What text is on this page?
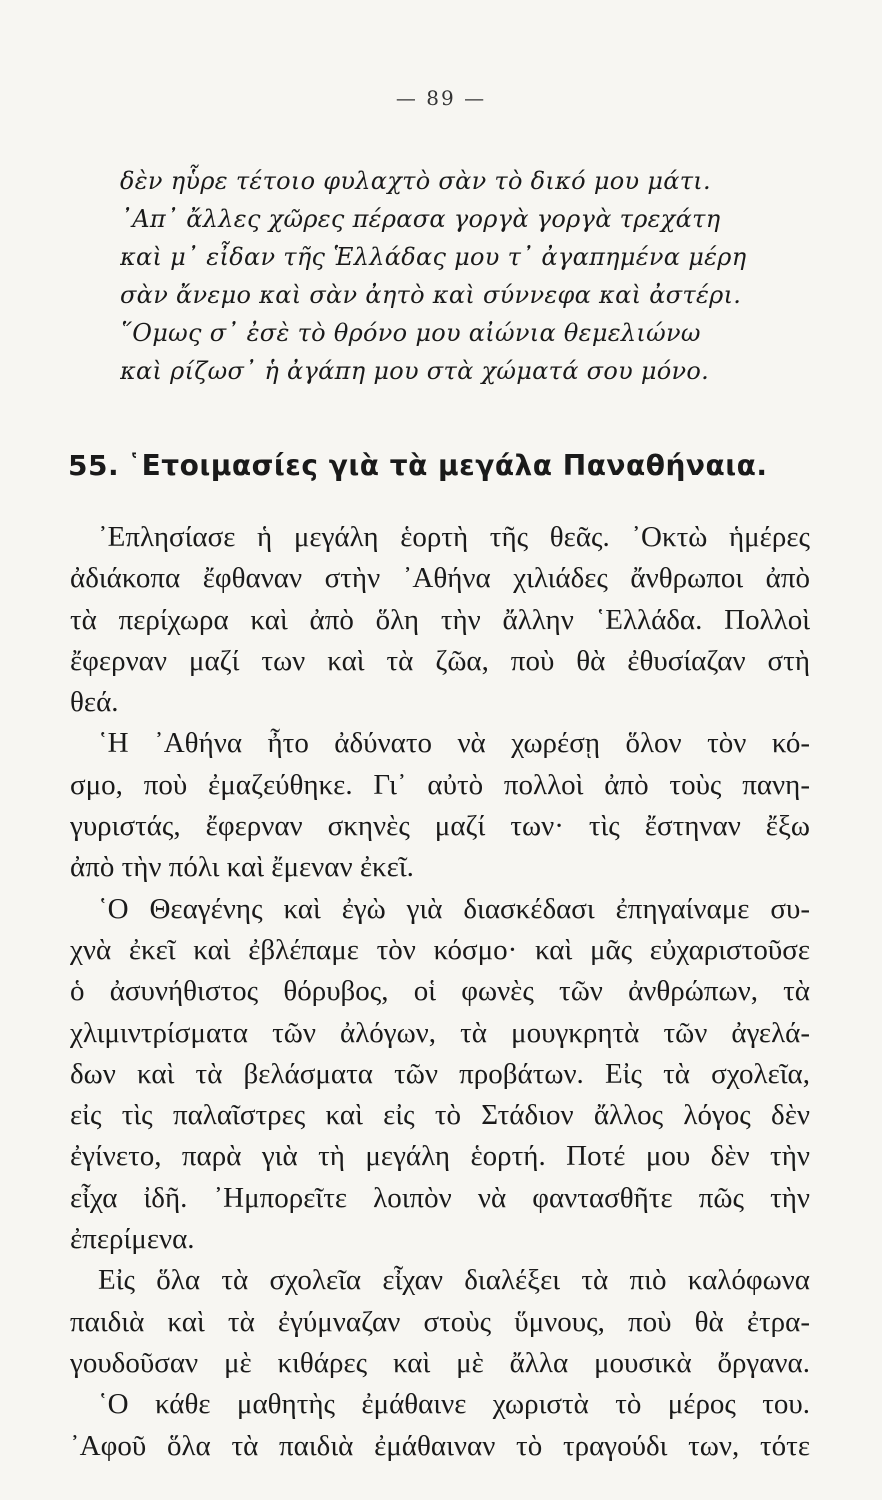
— 89 —
δὲν ηὗρε τέτοιο φυλαχτὸ σὰν τὸ δικό μου μάτι.
᾽Απ᾽ ἄλλες χῶρες πέρασα γοργὰ γοργὰ τρεχάτη
καὶ μ᾽ εἶδαν τῆς Ἑλλάδας μου τ᾽ ἀγαπημένα μέρη
σὰν ἄνεμο καὶ σὰν ἀητὸ καὶ σύννεφα καὶ ἀστέρι.
῞Ομως σ᾽ ἐσὲ τὸ θρόνο μου αἰώνια θεμελιώνω
καὶ ρίζωσ᾽ ἡ ἀγάπη μου στὰ χώματά σου μόνο.
55. ῾Ετοιμασίες γιὰ τὰ μεγάλα Παναθήναια.
᾽Επλησίασε ἡ μεγάλη ἑορτὴ τῆς θεᾶς. ᾽Οκτὼ ἡμέρες
ἀδιάκοπα ἔφθαναν στὴν ᾽Αθήνα χιλιάδες ἄνθρωποι ἀπὸ
τὰ περίχωρα καὶ ἀπὸ ὅλη τὴν ἄλλην ῾Ελλάδα. Πολλοὶ
ἔφερναν μαζί των καὶ τὰ ζῶα, ποὺ θὰ ἐθυσίαζαν στὴ
θεά.
῾Η ᾽Αθήνα ἦτο ἀδύνατο νὰ χωρέσῃ ὅλον τὸν κό-
σμο, ποὺ ἐμαζεύθηκε. Γι᾽ αὐτὸ πολλοὶ ἀπὸ τοὺς πανη-
γυριστάς, ἔφερναν σκηνὲς μαζί των· τὶς ἔστηναν ἔξω
ἀπὸ τὴν πόλι καὶ ἔμεναν ἐκεῖ.
῾Ο Θεαγένης καὶ ἐγὼ γιὰ διασκέδασι ἐπηγαίναμε συ-
χνὰ ἐκεῖ καὶ ἐβλέπαμε τὸν κόσμο· καὶ μᾶς εὐχαριστοῦσε
ὁ ἀσυνήθιστος θόρυβος, οἱ φωνὲς τῶν ἀνθρώπων, τὰ
χλιμιντρίσματα τῶν ἀλόγων, τὰ μουγκρητὰ τῶν ἀγελά-
δων καὶ τὰ βελάσματα τῶν προβάτων. Εἰς τὰ σχολεῖα,
εἰς τὶς παλαῖστρες καὶ εἰς τὸ Στάδιον ἄλλος λόγος δὲν
ἐγίνετο, παρὰ γιὰ τὴ μεγάλη ἑορτή. Ποτέ μου δὲν τὴν
εἶχα ἰδῆ. ᾽Ημπορεῖτε λοιπὸν νὰ φαντασθῆτε πῶς τὴν
ἐπερίμενα.
Εἰς ὅλα τὰ σχολεῖα εἶχαν διαλέξει τὰ πιὸ καλόφωνα
παιδιὰ καὶ τὰ ἐγύμναζαν στοὺς ὕμνους, ποὺ θὰ ἐτρα-
γουδοῦσαν μὲ κιθάρες καὶ μὲ ἄλλα μουσικὰ ὄργανα.
῾Ο κάθε μαθητὴς ἐμάθαινε χωριστὰ τὸ μέρος του.
᾽Αφοῦ ὅλα τὰ παιδιὰ ἐμάθαιναν τὸ τραγούδι των, τότε
